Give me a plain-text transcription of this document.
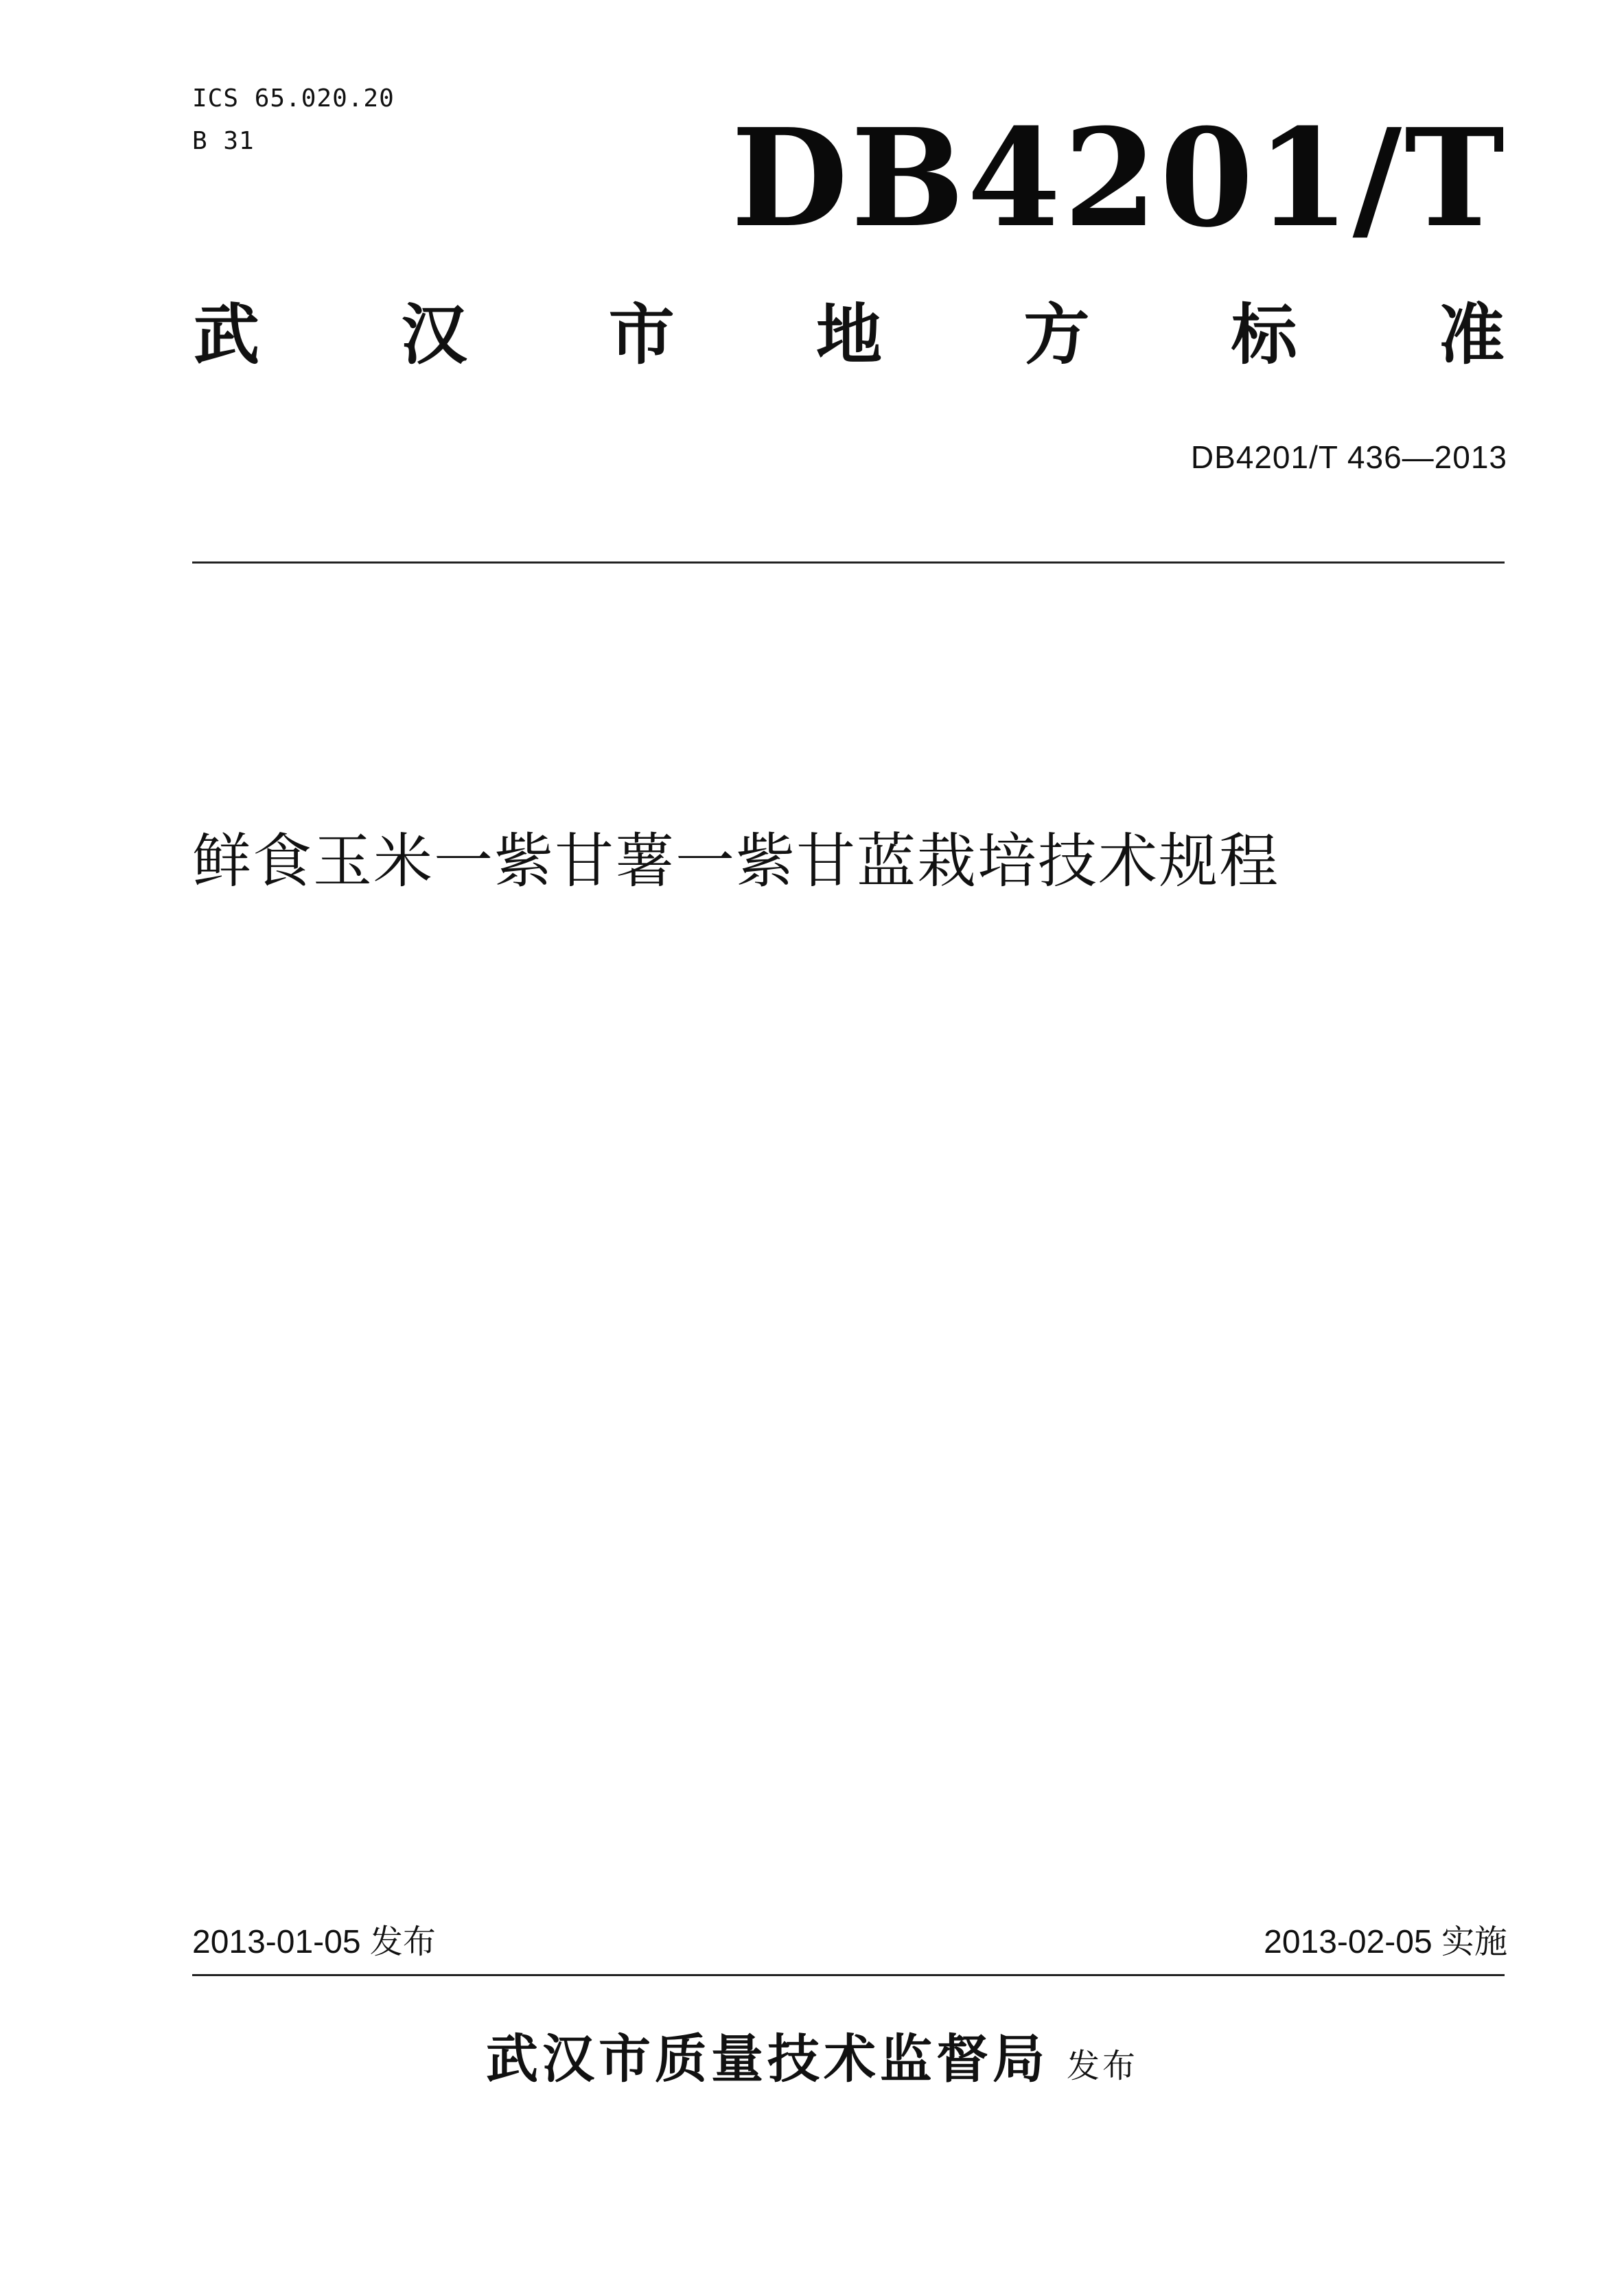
ICS 65.020.20
B 31	DB4201/T
武 汉 市 地 方 标 准
DB4201/T 436—2013
鲜食玉米一紫甘薯一紫甘蓝栽培技术规程
2013-01-05 发布	2013-02-05 实施
武汉市质量技术监督局 发布
